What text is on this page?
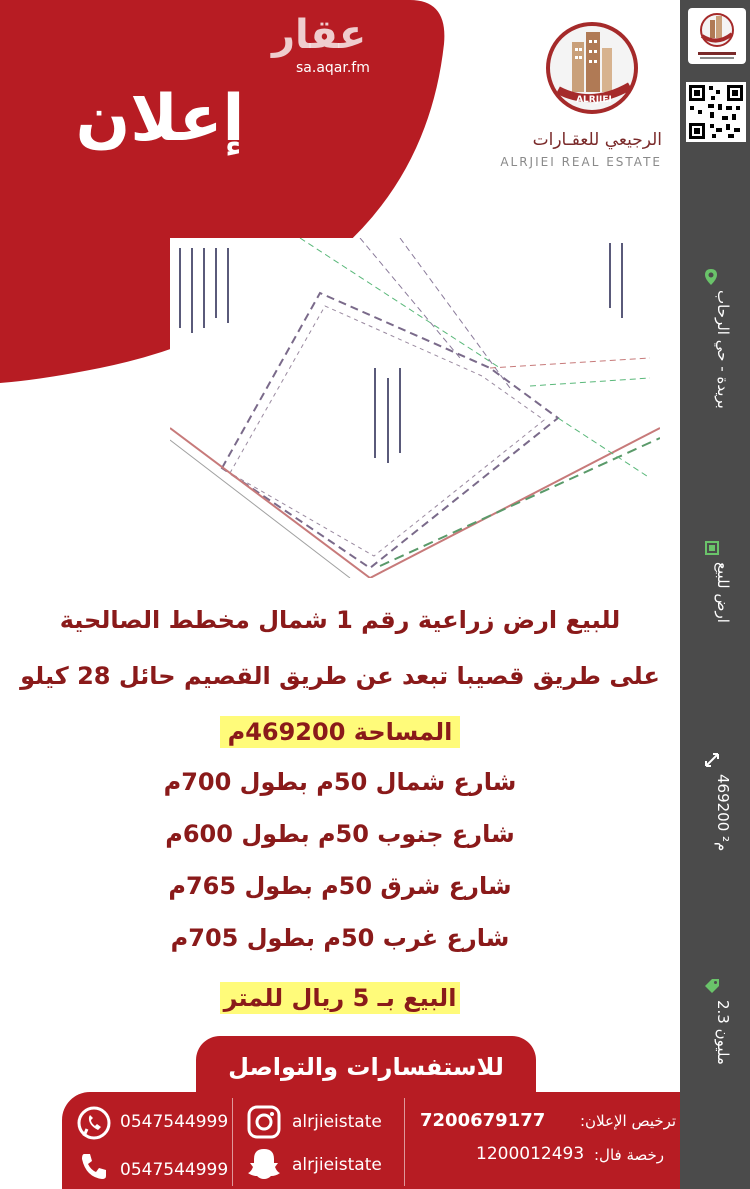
عقار
sa.aqar.fm
إعلان	ALRJIEI
الرجيعي للعقـارات
ALRJIEI REAL ESTATE
للبيع ارض زراعية رقم 1 شمال مخطط الصالحية
على طريق قصيبا تبعد عن طريق القصيم حائل 28 كيلو
المساحة 469200م
شارع شمال 50م بطول 700م
شارع جنوب 50م بطول 600م
شارع شرق 50م بطول 765م
شارع غرب 50م بطول 705م
البيع بـ 5 ريال للمتر
للاستفسارات والتواصل
0547544999
0547544999
alrjieistate
alrjieistate
ترخيص الإعلان:
7200679177
رخصة فال:
1200012493
بريدة - حي الرحاب
ارض للبيع
469200 م²
2.3 مليون
